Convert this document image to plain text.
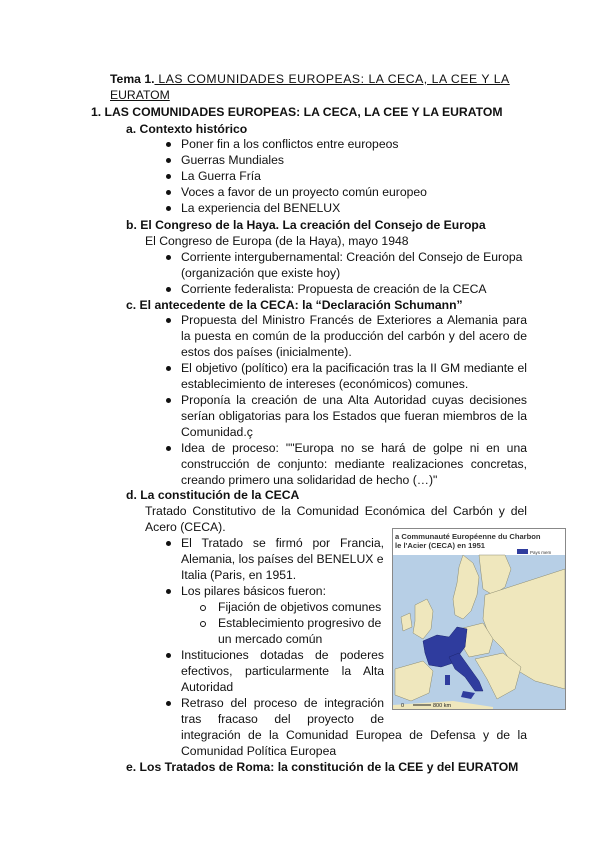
Tema 1. LAS COMUNIDADES EUROPEAS: LA CECA, LA CEE Y LA
EURATOM
1. LAS COMUNIDADES EUROPEAS: LA CECA, LA CEE Y LA EURATOM
a. Contexto histórico
Poner fin a los conflictos entre europeos
Guerras Mundiales
La Guerra Fría
Voces a favor de un proyecto común europeo
La experiencia del BENELUX
b. El Congreso de la Haya. La creación del Consejo de Europa
El Congreso de Europa (de la Haya), mayo 1948
Corriente intergubernamental: Creación del Consejo de Europa
(organización que existe hoy)
Corriente federalista: Propuesta de creación de la CECA
c. El antecedente de la CECA: la “Declaración Schumann”
Propuesta del Ministro Francés de Exteriores a Alemania para
la puesta en común de la producción del carbón y del acero de
estos dos países (inicialmente).
El objetivo (político) era la pacificación tras la II GM mediante el
establecimiento de intereses (económicos) comunes.
Proponía la creación de una Alta Autoridad cuyas decisiones
serían obligatorias para los Estados que fueran miembros de la
Comunidad.ç
Idea de proceso: ""Europa no se hará de golpe ni en una
construcción de conjunto: mediante realizaciones concretas,
creando primero una solidaridad de hecho (…)"
d. La constitución de la CECA
Tratado Constitutivo de la Comunidad Económica del Carbón y del
Acero (CECA).
El Tratado se firmó por Francia,
Alemania, los países del BENELUX e
Italia (Paris, en 1951.
Los pilares básicos fueron:
Fijación de objetivos comunes
Establecimiento progresivo de
un mercado común
Instituciones dotadas de poderes
efectivos, particularmente la Alta
Autoridad
Retraso del proceso de integración
tras fracaso del proyecto de
integración de la Comunidad Europea de Defensa y de la
Comunidad Política Europea
e. Los Tratados de Roma: la constitución de la CEE y del EURATOM
a Communauté Européenne du Charbon
le l'Acier (CECA) en 1951
Pays mem
800 km
0
